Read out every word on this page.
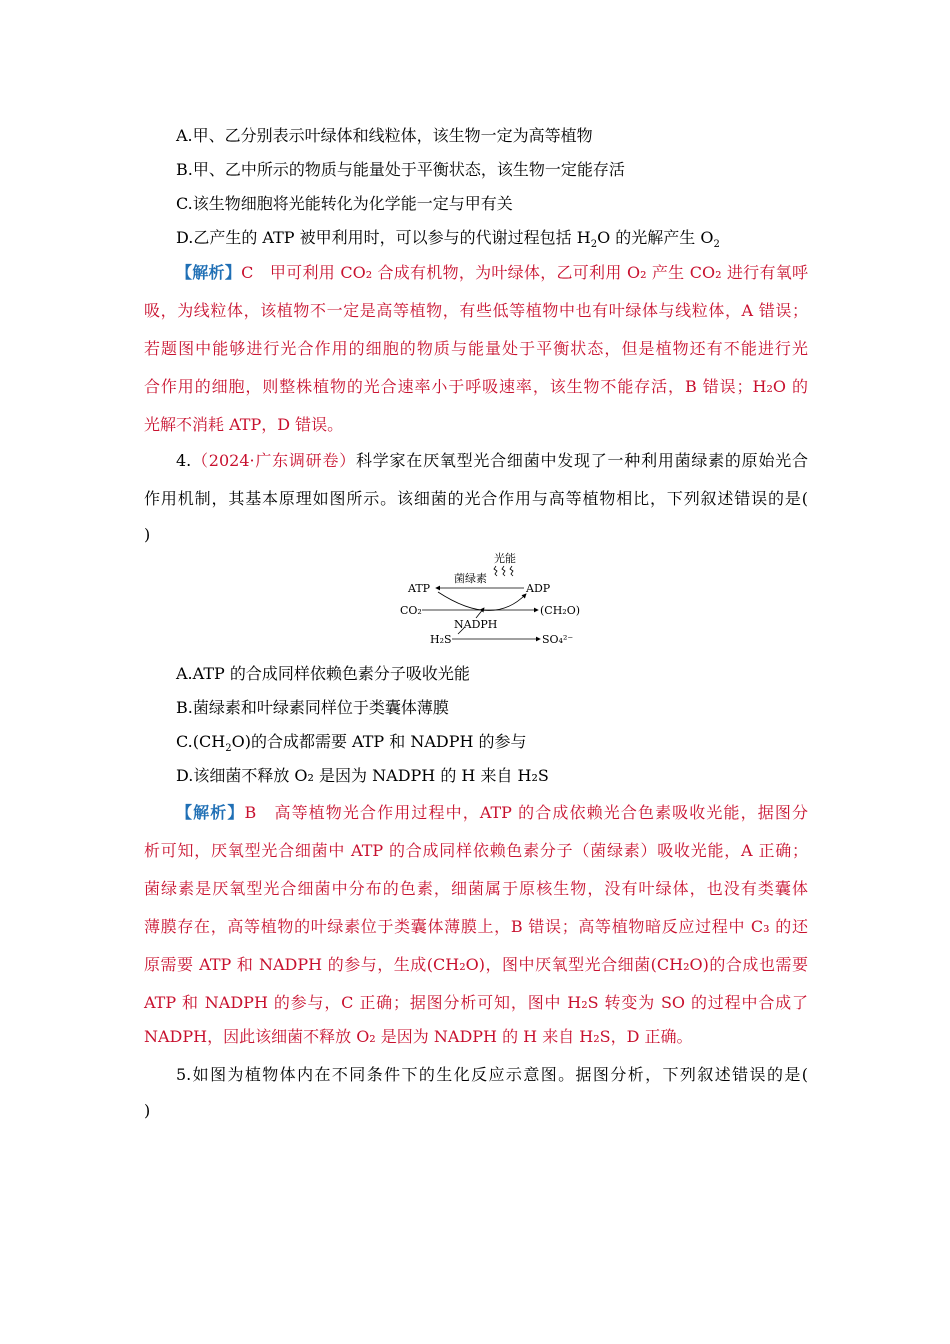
A.甲、乙分别表示叶绿体和线粒体，该生物一定为高等植物
B.甲、乙中所示的物质与能量处于平衡状态，该生物一定能存活
C.该生物细胞将光能转化为化学能一定与甲有关
D.乙产生的 ATP 被甲利用时，可以参与的代谢过程包括 $H_2O$ 的光解产生 $O_2$
【解析】C　甲可利用 CO₂ 合成有机物，为叶绿体，乙可利用 O₂ 产生 CO₂ 进行有氧呼
吸，为线粒体，该植物不一定是高等植物，有些低等植物中也有叶绿体与线粒体，A 错误；
若题图中能够进行光合作用的细胞的物质与能量处于平衡状态，但是植物还有不能进行光
合作用的细胞，则整株植物的光合速率小于呼吸速率，该生物不能存活，B 错误；H₂O 的
光解不消耗 ATP，D 错误。
4.（2024·广东调研卷）科学家在厌氧型光合细菌中发现了一种利用菌绿素的原始光合
作用机制，其基本原理如图所示。该细菌的光合作用与高等植物相比，下列叙述错误的是(
)
光能
菌绿素
ATP	ADP
CO₂	(CH₂O)
NADPH
H₂S	SO₄²⁻
A.ATP 的合成同样依赖色素分子吸收光能
B.菌绿素和叶绿素同样位于类囊体薄膜
$C.(CH_2O)$的合成都需要 ATP 和 NADPH 的参与
D.该细菌不释放 O₂ 是因为 NADPH 的 H 来自 H₂S
【解析】B　高等植物光合作用过程中，ATP 的合成依赖光合色素吸收光能，据图分
析可知，厌氧型光合细菌中 ATP 的合成同样依赖色素分子（菌绿素）吸收光能，A 正确；
菌绿素是厌氧型光合细菌中分布的色素，细菌属于原核生物，没有叶绿体，也没有类囊体
薄膜存在，高等植物的叶绿素位于类囊体薄膜上，B 错误；高等植物暗反应过程中 C₃ 的还
原需要 ATP 和 NADPH 的参与，生成(CH₂O)，图中厌氧型光合细菌(CH₂O)的合成也需要
ATP 和 NADPH 的参与，C 正确；据图分析可知，图中 H₂S 转变为 SO 的过程中合成了
NADPH，因此该细菌不释放 O₂ 是因为 NADPH 的 H 来自 H₂S，D 正确。
5.如图为植物体内在不同条件下的生化反应示意图。据图分析，下列叙述错误的是(
)
